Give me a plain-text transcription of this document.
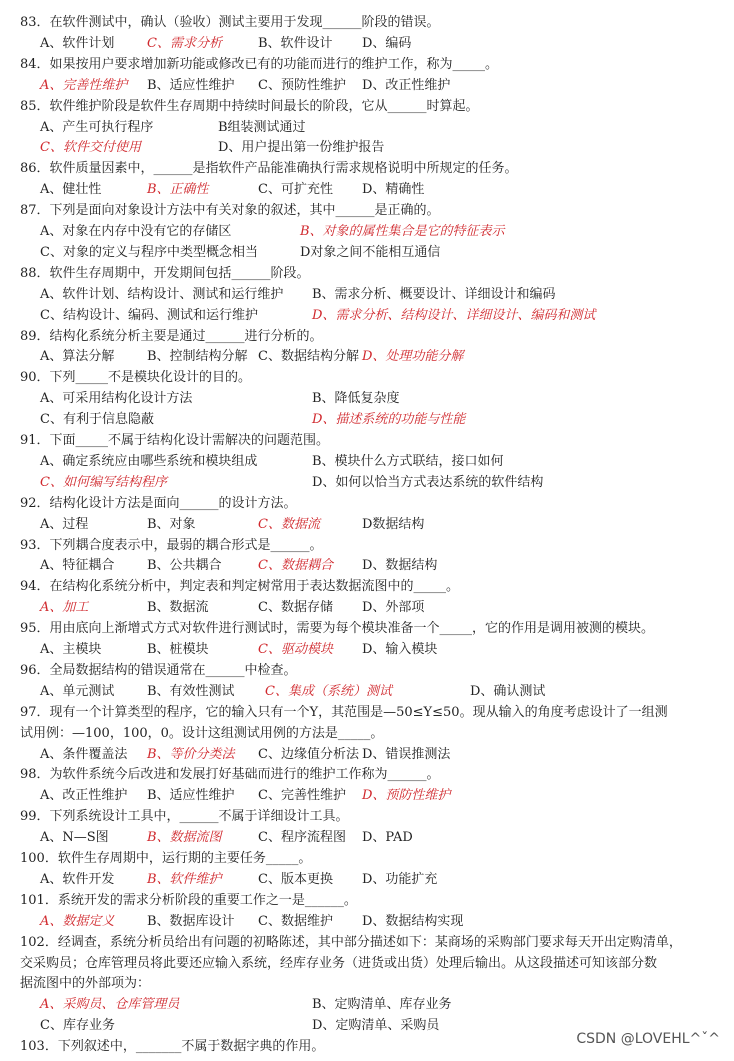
83．在软件测试中，确认（验收）测试主要用于发现______阶段的错误。
A、软件计划	C、需求分析	B、软件设计 D、编码
84．如果按用户要求增加新功能或修改已有的功能而进行的维护工作，称为_____。
A、完善性维护 B、适应性维护 C、预防性维护 D、改正性维护
85．软件维护阶段是软件生存周期中持续时间最长的阶段，它从______时算起。
A、产生可执行程序	B组装测试通过
C、软件交付使用	D、用户提出第一份维护报告
86．软件质量因素中，______是指软件产品能准确执行需求规格说明中所规定的任务。
A、健壮性	B、正确性	C、可扩充性 D、精确性
87．下列是面向对象设计方法中有关对象的叙述，其中______是正确的。
A、对象在内存中没有它的存储区	B、对象的属性集合是它的特征表示
C、对象的定义与程序中类型概念相当	D对象之间不能相互通信
88．软件生存周期中，开发期间包括______阶段。
A、软件计划、结构设计、测试和运行维护 B、需求分析、概要设计、详细设计和编码
C、结构设计、编码、测试和运行维护	D、需求分析、结构设计、详细设计、编码和测试
89．结构化系统分析主要是通过______进行分析的。
A、算法分解	B、控制结构分解 C、数据结构分解 D、处理功能分解
90．下列_____不是模块化设计的目的。
A、可采用结构化设计方法	B、降低复杂度
C、有利于信息隐蔽	D、描述系统的功能与性能
91．下面_____不属于结构化设计需解决的问题范围。
A、确定系统应由哪些系统和模块组成	B、模块什么方式联结，接口如何
C、如何编写结构程序	D、如何以恰当方式表达系统的软件结构
92．结构化设计方法是面向______的设计方法。
A、过程	B、对象	C、数据流	D数据结构
93．下列耦合度表示中，最弱的耦合形式是______。
A、特征耦合	B、公共耦合	C、数据耦合 D、数据结构
94．在结构化系统分析中，判定表和判定树常用于表达数据流图中的_____。
A、加工	B、数据流	C、数据存储 D、外部项
95．用由底向上渐增式方式对软件进行测试时，需要为每个模块准备一个_____，它的作用是调用被测的模块。
A、主模块	B、桩模块	C、驱动模块 D、输入模块
96．全局数据结构的错误通常在______中检查。
A、单元测试	B、有效性测试 C、集成（系统）测试	D、确认测试
97．现有一个计算类型的程序，它的输入只有一个Y，其范围是—50≤Y≤50。现从输入的角度考虑设计了一组测
试用例：—100，100，0。设计这组测试用例的方法是_____。
A、条件覆盖法 B、等价分类法 C、边缘值分析法 D、错误推测法
98．为软件系统今后改进和发展打好基础而进行的维护工作称为______。
A、改正性维护 B、适应性维护 C、完善性维护 D、预防性维护
99．下列系统设计工具中，______不属于详细设计工具。
A、N—S图	B、数据流图	C、程序流程图 D、PAD
100．软件生存周期中，运行期的主要任务_____。
A、软件开发	B、软件维护	C、版本更换 D、功能扩充
101．系统开发的需求分析阶段的重要工作之一是______。
A、数据定义	B、数据库设计 C、数据维护 D、数据结构实现
102．经调查，系统分析员给出有问题的初略陈述，其中部分描述如下：某商场的采购部门要求每天开出定购清单，
交采购员；仓库管理员将此要还应输入系统，经库存业务（进货或出货）处理后输出。从这段描述可知该部分数
据流图中的外部项为：
A、采购员、仓库管理员	B、定购清单、库存业务
C、库存业务	D、定购清单、采购员
103．下列叙述中，_______不属于数据字典的作用。	CSDN @LOVEHL^ˇ^
